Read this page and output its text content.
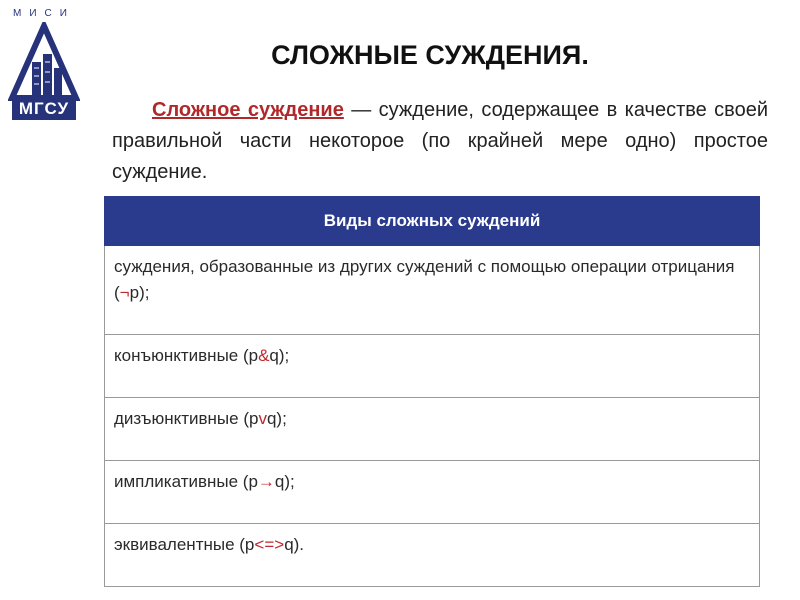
МИСИ
МГСУ
СЛОЖНЫЕ СУЖДЕНИЯ.
Сложное суждение — суждение, содержащее в качестве своей правильной части некоторое (по крайней мере одно) простое суждение.
Виды сложных суждений
суждения, образованные из других суждений с помощью операции отрицания (¬p);
конъюнктивные (p&q);
дизъюнктивные (pvq);
импликативные (p→q);
эквивалентные (p<=>q).
